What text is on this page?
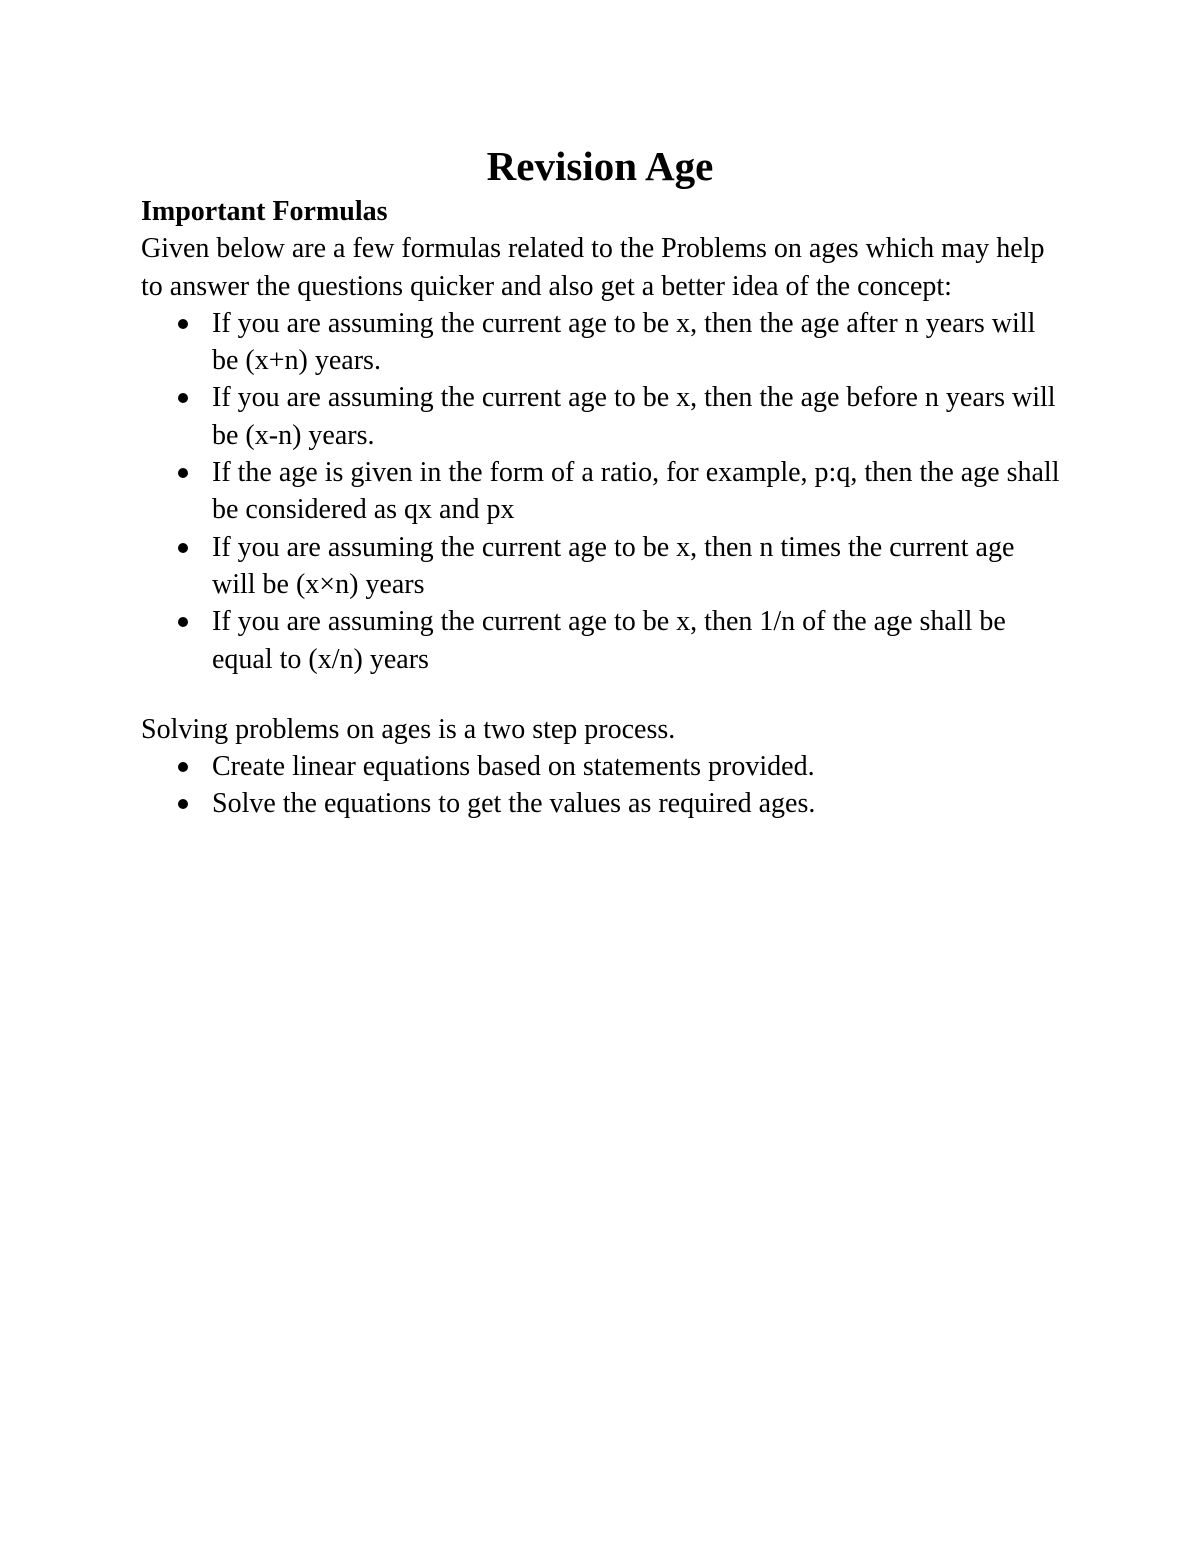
Revision Age

Important Formulas

Given below are a few formulas related to the Problems on ages which may help to answer the questions quicker and also get a better idea of the concept:

If you are assuming the current age to be x, then the age after n years will be (x+n) years.
If you are assuming the current age to be x, then the age before n years will be (x-n) years.
If the age is given in the form of a ratio, for example, p:q, then the age shall be considered as qx and px
If you are assuming the current age to be x, then n times the current age will be (x×n) years
If you are assuming the current age to be x, then 1/n of the age shall be equal to (x/n) years

Solving problems on ages is a two step process.

Create linear equations based on statements provided.
Solve the equations to get the values as required ages.
